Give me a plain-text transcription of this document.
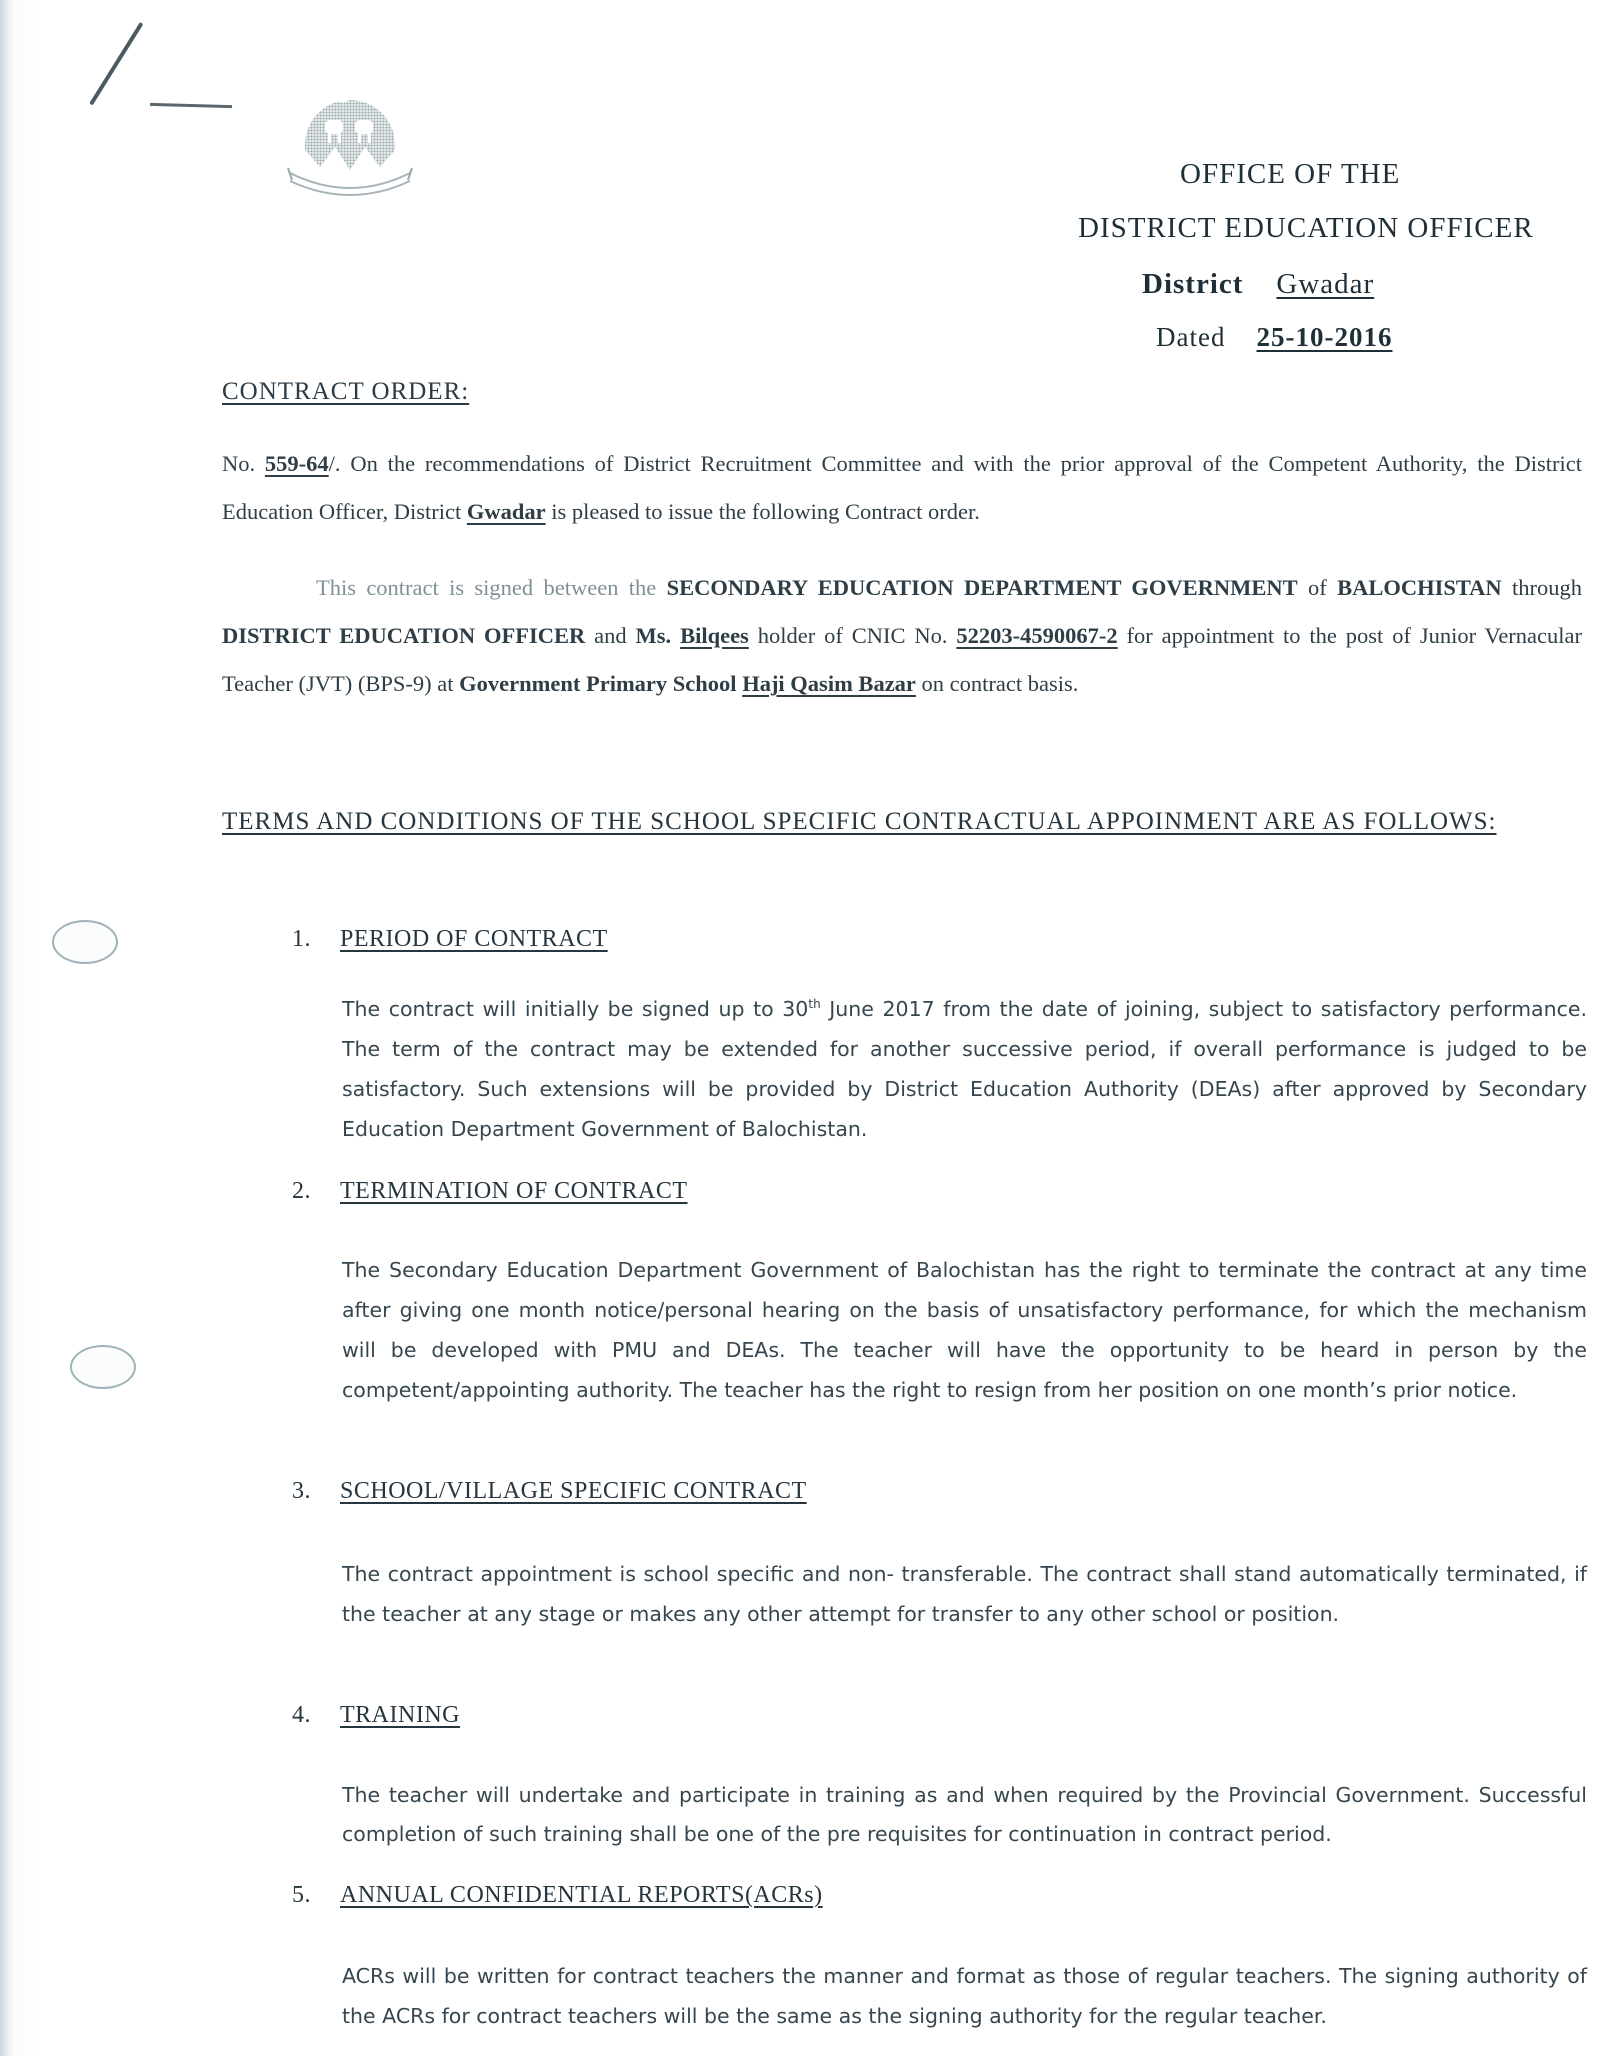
OFFICE OF THE
DISTRICT EDUCATION OFFICER
District Gwadar
Dated 25-10-2016
CONTRACT ORDER:
No. 559-64/. On the recommendations of District Recruitment Committee and with the prior approval of the Competent Authority, the District Education Officer, District Gwadar is pleased to issue the following Contract order.
This contract is signed between the SECONDARY EDUCATION DEPARTMENT GOVERNMENT of BALOCHISTAN through DISTRICT EDUCATION OFFICER and Ms. Bilqees holder of CNIC No. 52203-4590067-2 for appointment to the post of Junior Vernacular Teacher (JVT) (BPS-9) at Government Primary School Haji Qasim Bazar on contract basis.
TERMS AND CONDITIONS OF THE SCHOOL SPECIFIC CONTRACTUAL APPOINMENT ARE AS FOLLOWS:
1. PERIOD OF CONTRACT
The contract will initially be signed up to 30th June 2017 from the date of joining, subject to satisfactory performance. The term of the contract may be extended for another successive period, if overall performance is judged to be satisfactory. Such extensions will be provided by District Education Authority (DEAs) after approved by Secondary Education Department Government of Balochistan.
2. TERMINATION OF CONTRACT
The Secondary Education Department Government of Balochistan has the right to terminate the contract at any time after giving one month notice/personal hearing on the basis of unsatisfactory performance, for which the mechanism will be developed with PMU and DEAs. The teacher will have the opportunity to be heard in person by the competent/appointing authority. The teacher has the right to resign from her position on one month’s prior notice.
3. SCHOOL/VILLAGE SPECIFIC CONTRACT
The contract appointment is school specific and non- transferable. The contract shall stand automatically terminated, if the teacher at any stage or makes any other attempt for transfer to any other school or position.
4. TRAINING
The teacher will undertake and participate in training as and when required by the Provincial Government. Successful completion of such training shall be one of the pre requisites for continuation in contract period.
5. ANNUAL CONFIDENTIAL REPORTS(ACRs)
ACRs will be written for contract teachers the manner and format as those of regular teachers. The signing authority of the ACRs for contract teachers will be the same as the signing authority for the regular teacher.
